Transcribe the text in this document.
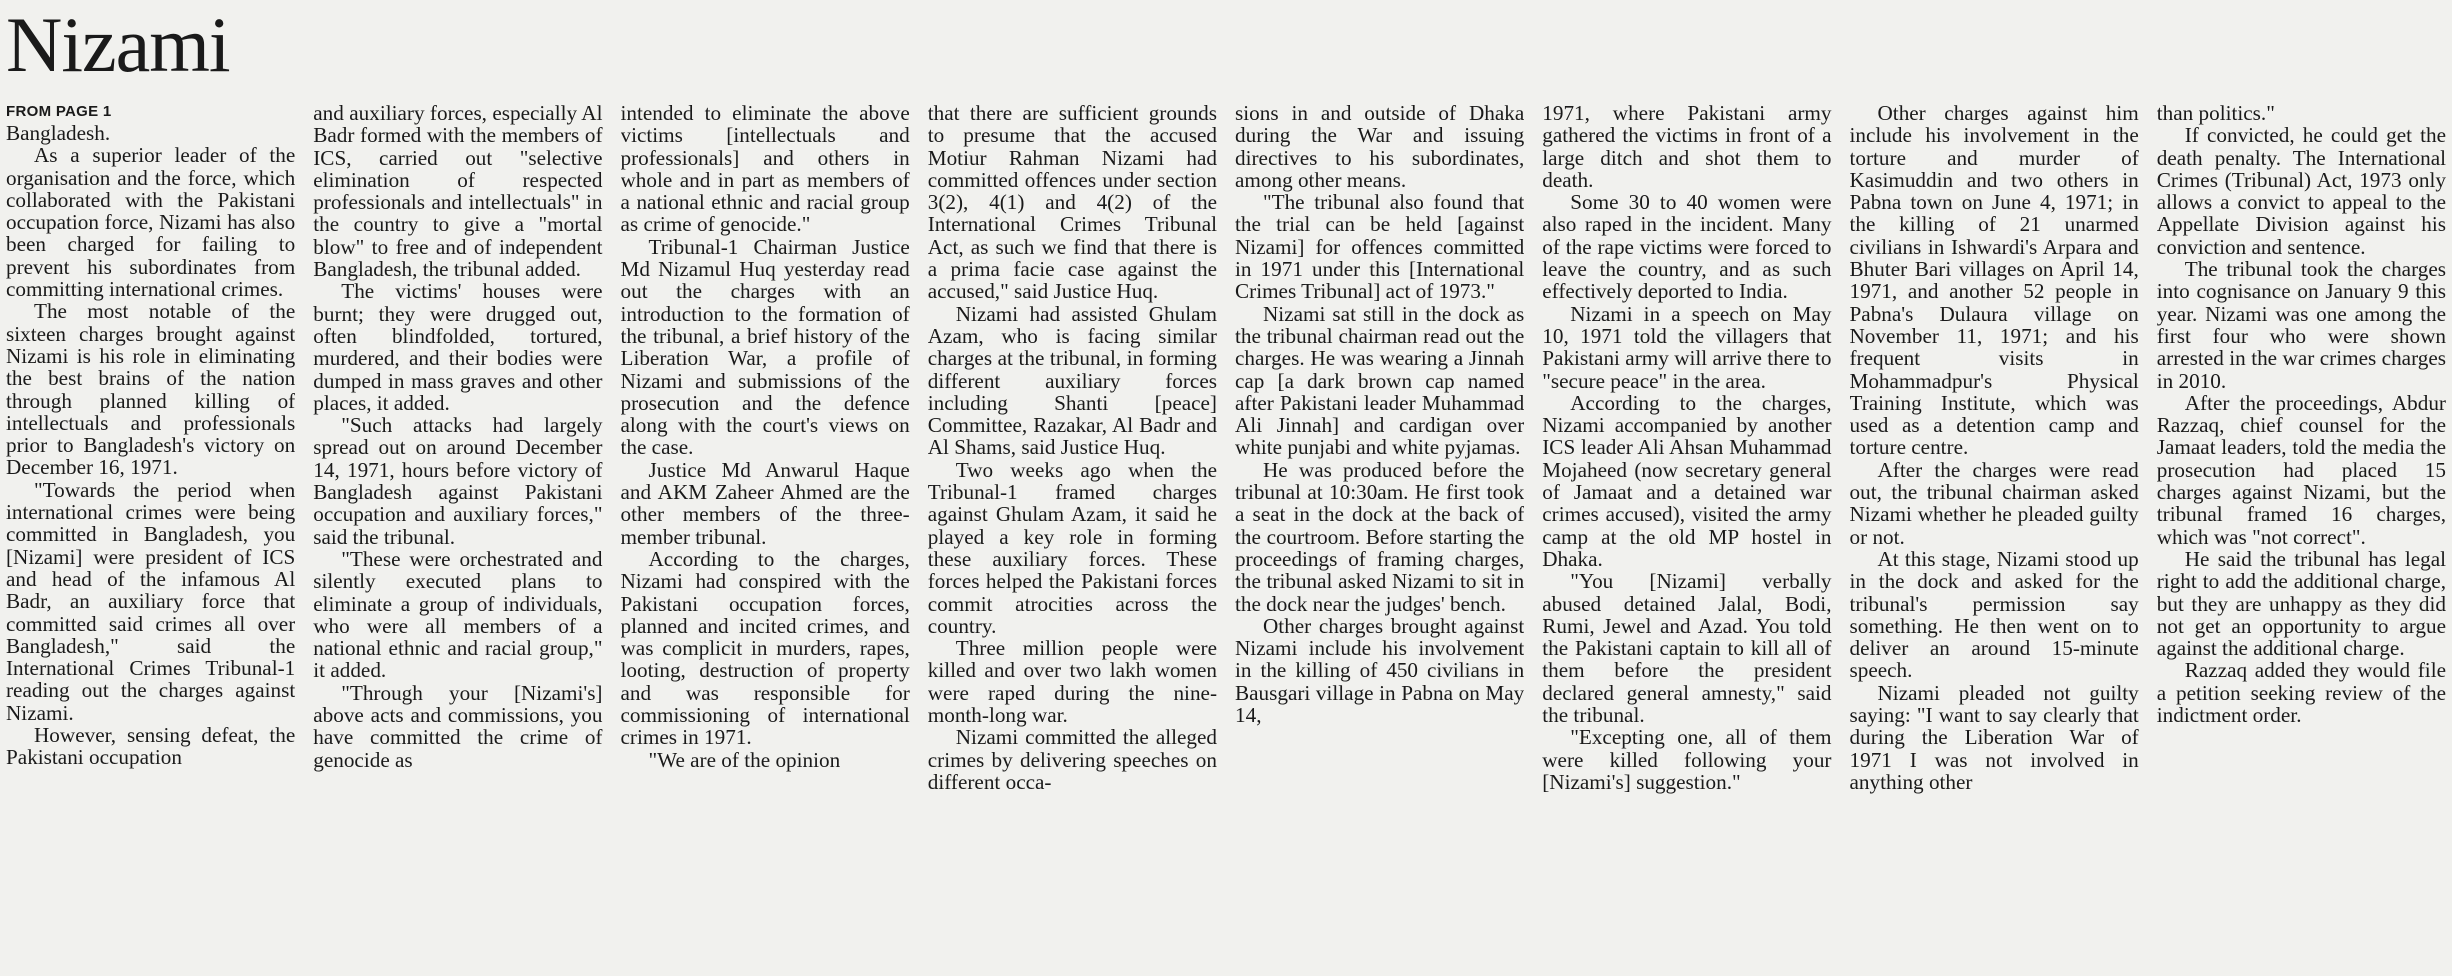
Nizami
FROM PAGE 1

Bangladesh.

As a superior leader of the organisation and the force, which collaborated with the Pakistani occupation force, Nizami has also been charged for failing to prevent his subordinates from committing international crimes.

The most notable of the sixteen charges brought against Nizami is his role in eliminating the best brains of the nation through planned killing of intellectuals and professionals prior to Bangladesh's victory on December 16, 1971.

"Towards the period when international crimes were being committed in Bangladesh, you [Nizami] were president of ICS and head of the infamous Al Badr, an auxiliary force that committed said crimes all over Bangladesh," said the International Crimes Tribunal-1 reading out the charges against Nizami.

However, sensing defeat, the Pakistani occupation

and auxiliary forces, especially Al Badr formed with the members of ICS, carried out "selective elimination of respected professionals and intellectuals" in the country to give a "mortal blow" to free and of independent Bangladesh, the tribunal added.

The victims' houses were burnt; they were drugged out, often blindfolded, tortured, murdered, and their bodies were dumped in mass graves and other places, it added.

"Such attacks had largely spread out on around December 14, 1971, hours before victory of Bangladesh against Pakistani occupation and auxiliary forces," said the tribunal.

"These were orchestrated and silently executed plans to eliminate a group of individuals, who were all members of a national ethnic and racial group," it added.

"Through your [Nizami's] above acts and commissions, you have committed the crime of genocide as

intended to eliminate the above victims [intellectuals and professionals] and others in whole and in part as members of a national ethnic and racial group as crime of genocide."

Tribunal-1 Chairman Justice Md Nizamul Huq yesterday read out the charges with an introduction to the formation of the tribunal, a brief history of the Liberation War, a profile of Nizami and submissions of the prosecution and the defence along with the court's views on the case.

Justice Md Anwarul Haque and AKM Zaheer Ahmed are the other members of the three-member tribunal.

According to the charges, Nizami had conspired with the Pakistani occupation forces, planned and incited crimes, and was complicit in murders, rapes, looting, destruction of property and was responsible for commissioning of international crimes in 1971.

"We are of the opinion

that there are sufficient grounds to presume that the accused Motiur Rahman Nizami had committed offences under section 3(2), 4(1) and 4(2) of the International Crimes Tribunal Act, as such we find that there is a prima facie case against the accused," said Justice Huq.

Nizami had assisted Ghulam Azam, who is facing similar charges at the tribunal, in forming different auxiliary forces including Shanti [peace] Committee, Razakar, Al Badr and Al Shams, said Justice Huq.

Two weeks ago when the Tribunal-1 framed charges against Ghulam Azam, it said he played a key role in forming these auxiliary forces. These forces helped the Pakistani forces commit atrocities across the country.

Three million people were killed and over two lakh women were raped during the nine-month-long war.

Nizami committed the alleged crimes by delivering speeches on different occa-

sions in and outside of Dhaka during the War and issuing directives to his subordinates, among other means.

"The tribunal also found that the trial can be held [against Nizami] for offences committed in 1971 under this [International Crimes Tribunal] act of 1973."

Nizami sat still in the dock as the tribunal chairman read out the charges. He was wearing a Jinnah cap [a dark brown cap named after Pakistani leader Muhammad Ali Jinnah] and cardigan over white punjabi and white pyjamas.

He was produced before the tribunal at 10:30am. He first took a seat in the dock at the back of the courtroom. Before starting the proceedings of framing charges, the tribunal asked Nizami to sit in the dock near the judges' bench.

Other charges brought against Nizami include his involvement in the killing of 450 civilians in Bausgari village in Pabna on May 14,

1971, where Pakistani army gathered the victims in front of a large ditch and shot them to death.

Some 30 to 40 women were also raped in the incident. Many of the rape victims were forced to leave the country, and as such effectively deported to India.

Nizami in a speech on May 10, 1971 told the villagers that Pakistani army will arrive there to "secure peace" in the area.

According to the charges, Nizami accompanied by another ICS leader Ali Ahsan Muhammad Mojaheed (now secretary general of Jamaat and a detained war crimes accused), visited the army camp at the old MP hostel in Dhaka.

"You [Nizami] verbally abused detained Jalal, Bodi, Rumi, Jewel and Azad. You told the Pakistani captain to kill all of them before the president declared general amnesty," said the tribunal.

"Excepting one, all of them were killed following your [Nizami's] suggestion."

Other charges against him include his involvement in the torture and murder of Kasimuddin and two others in Pabna town on June 4, 1971; in the killing of 21 unarmed civilians in Ishwardi's Arpara and Bhuter Bari villages on April 14, 1971, and another 52 people in Pabna's Dulaura village on November 11, 1971; and his frequent visits in Mohammadpur's Physical Training Institute, which was used as a detention camp and torture centre.

After the charges were read out, the tribunal chairman asked Nizami whether he pleaded guilty or not.

At this stage, Nizami stood up in the dock and asked for the tribunal's permission say something. He then went on to deliver an around 15-minute speech.

Nizami pleaded not guilty saying: "I want to say clearly that during the Liberation War of 1971 I was not involved in anything other

than politics."

If convicted, he could get the death penalty. The International Crimes (Tribunal) Act, 1973 only allows a convict to appeal to the Appellate Division against his conviction and sentence.

The tribunal took the charges into cognisance on January 9 this year. Nizami was one among the first four who were shown arrested in the war crimes charges in 2010.

After the proceedings, Abdur Razzaq, chief counsel for the Jamaat leaders, told the media the prosecution had placed 15 charges against Nizami, but the tribunal framed 16 charges, which was "not correct".

He said the tribunal has legal right to add the additional charge, but they are unhappy as they did not get an opportunity to argue against the additional charge.

Razzaq added they would file a petition seeking review of the indictment order.
